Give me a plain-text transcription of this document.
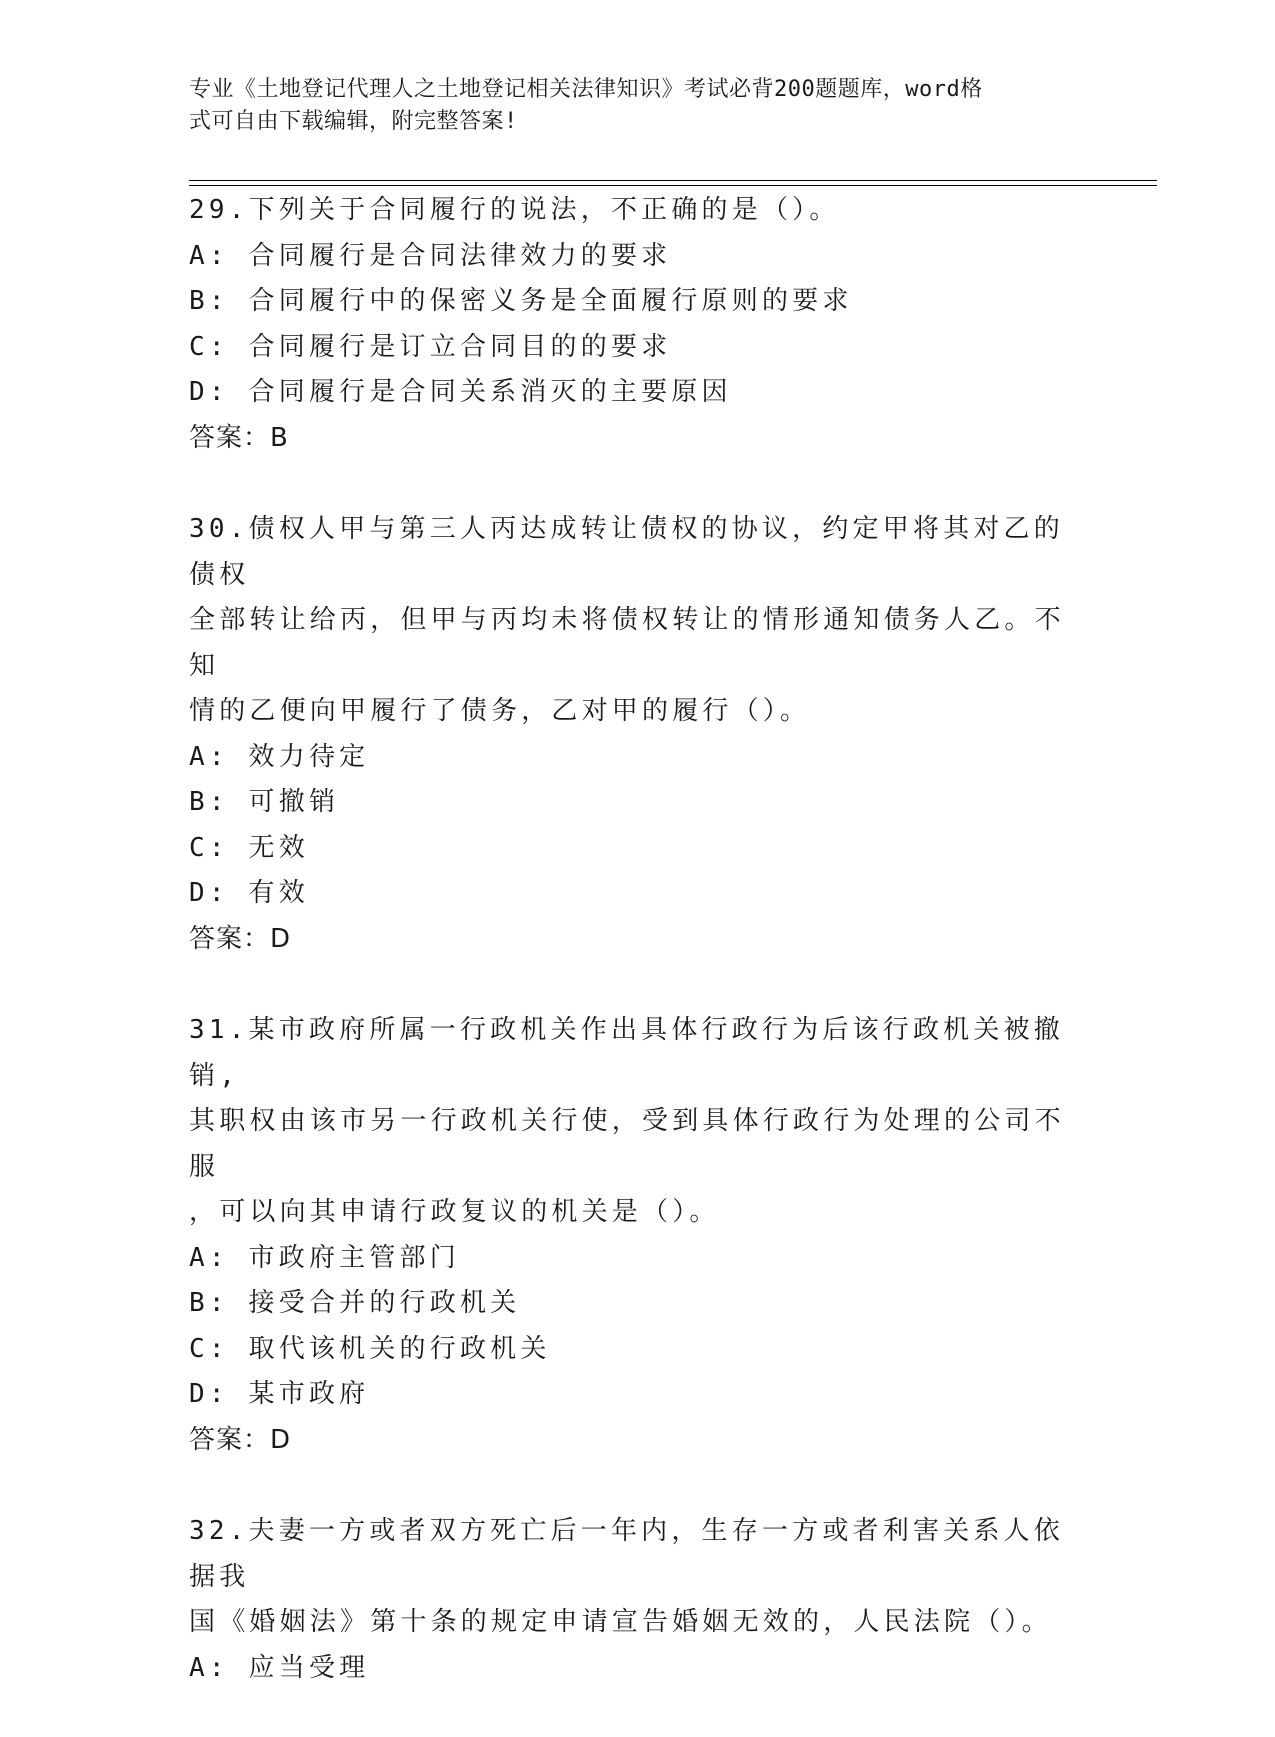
专业《土地登记代理人之土地登记相关法律知识》考试必背200题题库，word格
式可自由下载编辑，附完整答案!

29.下列关于合同履行的说法，不正确的是（）。

A: 合同履行是合同法律效力的要求

B: 合同履行中的保密义务是全面履行原则的要求

C: 合同履行是订立合同目的的要求

D: 合同履行是合同关系消灭的主要原因

答案：B

30.债权人甲与第三人丙达成转让债权的协议，约定甲将其对乙的债权

全部转让给丙，但甲与丙均未将债权转让的情形通知债务人乙。不知

情的乙便向甲履行了债务，乙对甲的履行（）。

A: 效力待定

B: 可撤销

C: 无效

D: 有效

答案：D

31.某市政府所属一行政机关作出具体行政行为后该行政机关被撤销,

其职权由该市另一行政机关行使，受到具体行政行为处理的公司不服

，可以向其申请行政复议的机关是（）。

A: 市政府主管部门

B: 接受合并的行政机关

C: 取代该机关的行政机关

D: 某市政府

答案：D

32.夫妻一方或者双方死亡后一年内，生存一方或者利害关系人依据我

国《婚姻法》第十条的规定申请宣告婚姻无效的，人民法院（）。

A: 应当受理
